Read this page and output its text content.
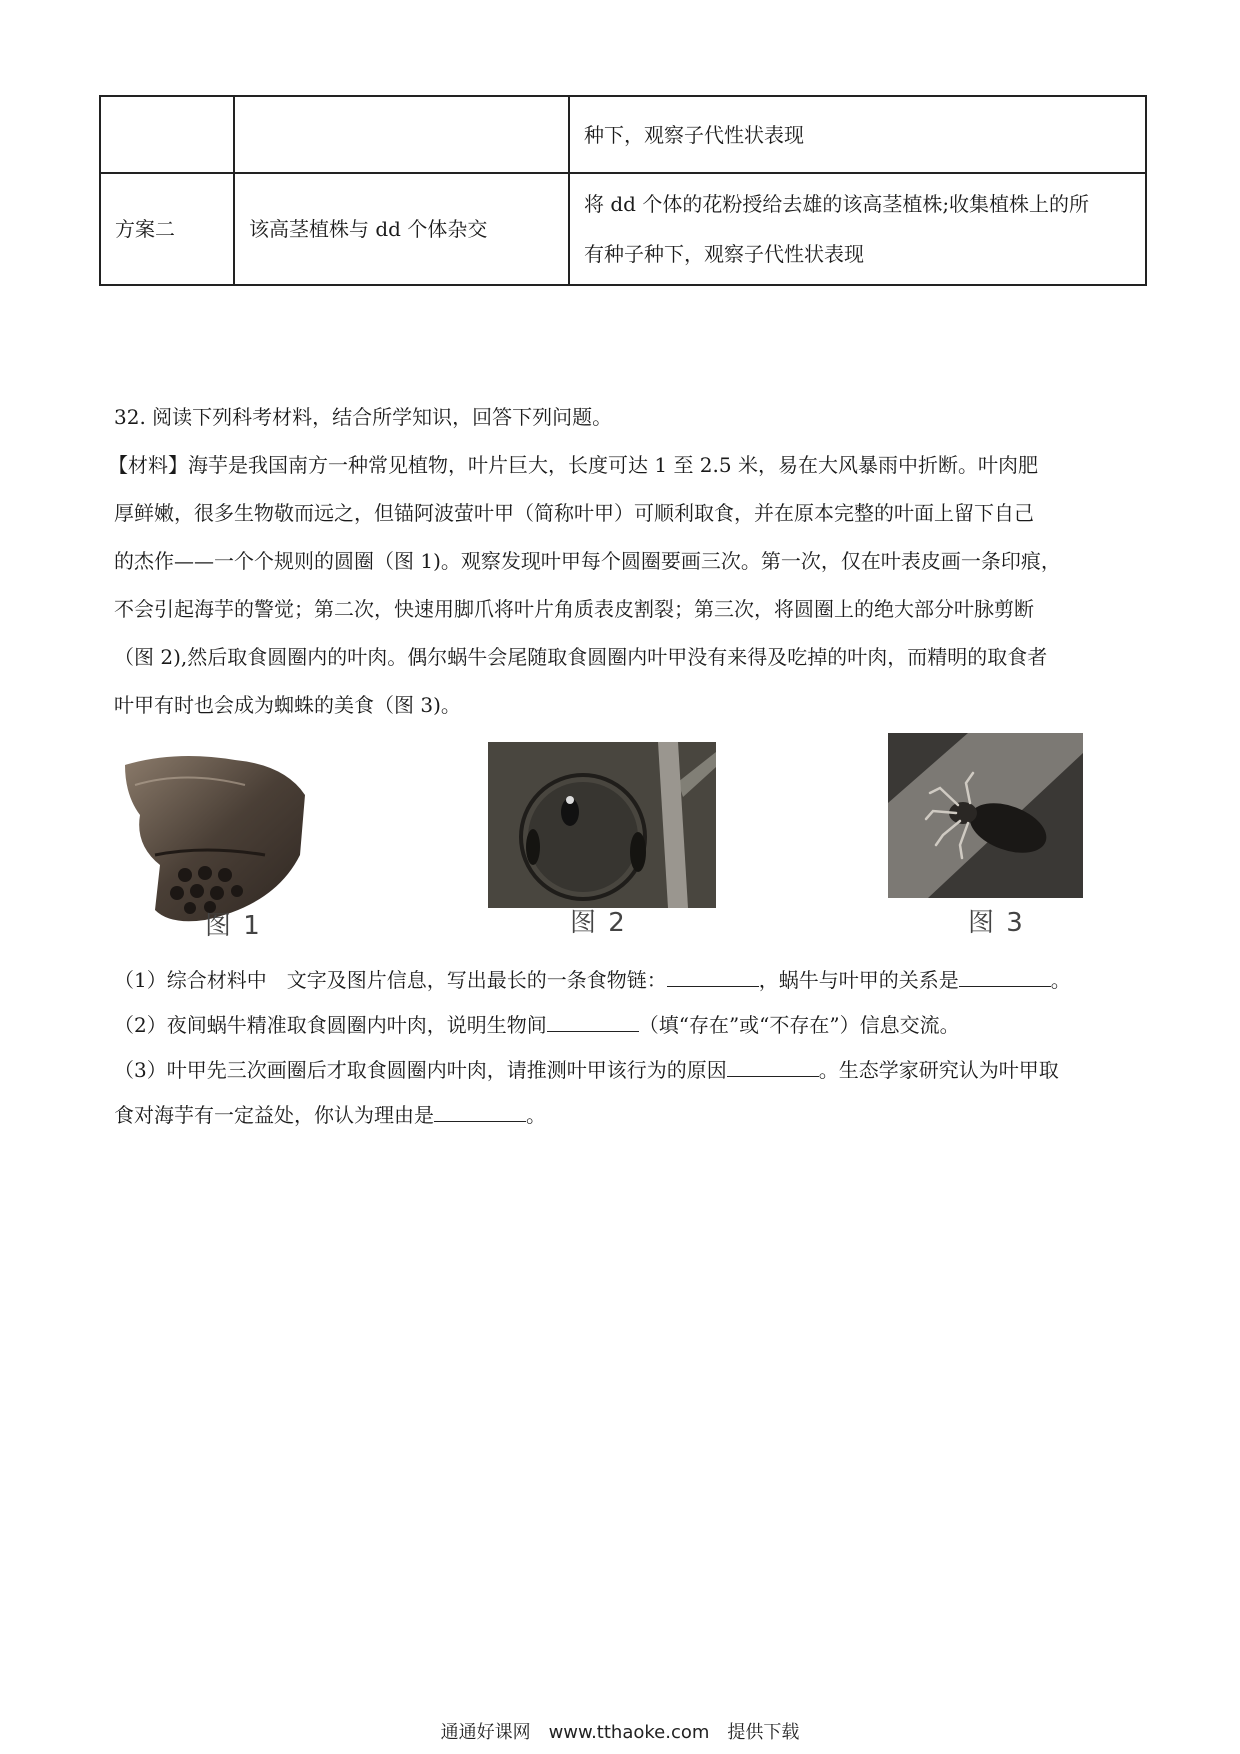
		种下，观察子代性状表现
方案二	该高茎植株与 dd 个体杂交	将 dd 个体的花粉授给去雄的该高茎植株;收集植株上的所
有种子种下，观察子代性状表现

32. 阅读下列科考材料，结合所学知识，回答下列问题。

【材料】海芋是我国南方一种常见植物，叶片巨大，长度可达 1 至 2.5 米，易在大风暴雨中折断。叶肉肥

厚鲜嫩，很多生物敬而远之，但锚阿波萤叶甲（简称叶甲）可顺利取食，并在原本完整的叶面上留下自己

的杰作——一个个规则的圆圈（图 1)。观察发现叶甲每个圆圈要画三次。第一次，仅在叶表皮画一条印痕，

不会引起海芋的警觉；第二次，快速用脚爪将叶片角质表皮割裂；第三次，将圆圈上的绝大部分叶脉剪断

（图 2),然后取食圆圈内的叶肉。偶尔蜗牛会尾随取食圆圈内叶甲没有来得及吃掉的叶肉，而精明的取食者

叶甲有时也会成为蜘蛛的美食（图 3)。

图 1	图 2	图 3

（1）综合材料中　文字及图片信息，写出最长的一条食物链：	，蜗牛与叶甲的关系是	。

（2）夜间蜗牛精准取食圆圈内叶肉，说明生物间	（填“存在”或“不存在”）信息交流。

（3）叶甲先三次画圈后才取食圆圈内叶肉，请推测叶甲该行为的原因	。生态学家研究认为叶甲取

食对海芋有一定益处，你认为理由是	。

通通好课网　www.tthaoke.com　提供下载
